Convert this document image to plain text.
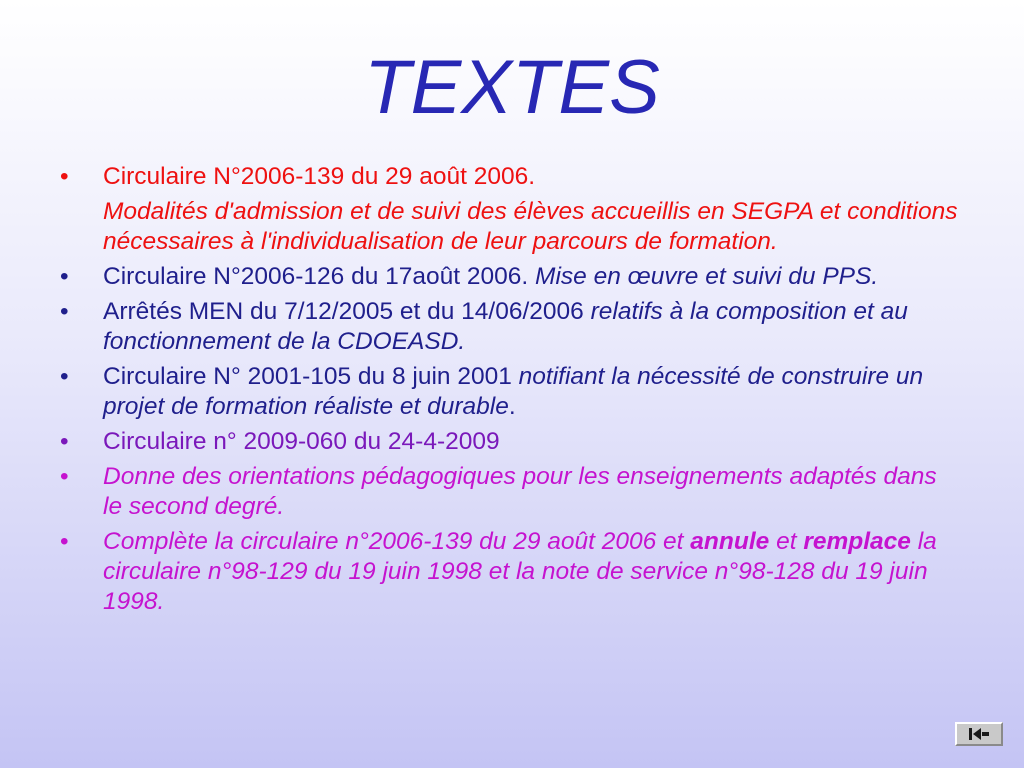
TEXTES
• Circulaire N°2006-139 du 29 août 2006.
Modalités d'admission et de suivi des élèves accueillis en SEGPA et conditions nécessaires à l'individualisation de leur parcours de formation.
• Circulaire N°2006-126 du 17août 2006. Mise en œuvre et suivi du PPS.
• Arrêtés MEN du 7/12/2005 et du 14/06/2006 relatifs à la composition et au fonctionnement de la CDOEASD.
• Circulaire N° 2001-105 du 8 juin 2001 notifiant la nécessité de construire un projet de formation réaliste et durable.
• Circulaire n° 2009-060 du 24-4-2009
• Donne des orientations pédagogiques pour les enseignements adaptés dans le second degré.
• Complète la circulaire n°2006-139 du 29 août 2006 et annule et remplace la circulaire n°98-129 du 19 juin 1998 et la note de service n°98-128 du 19 juin 1998.
